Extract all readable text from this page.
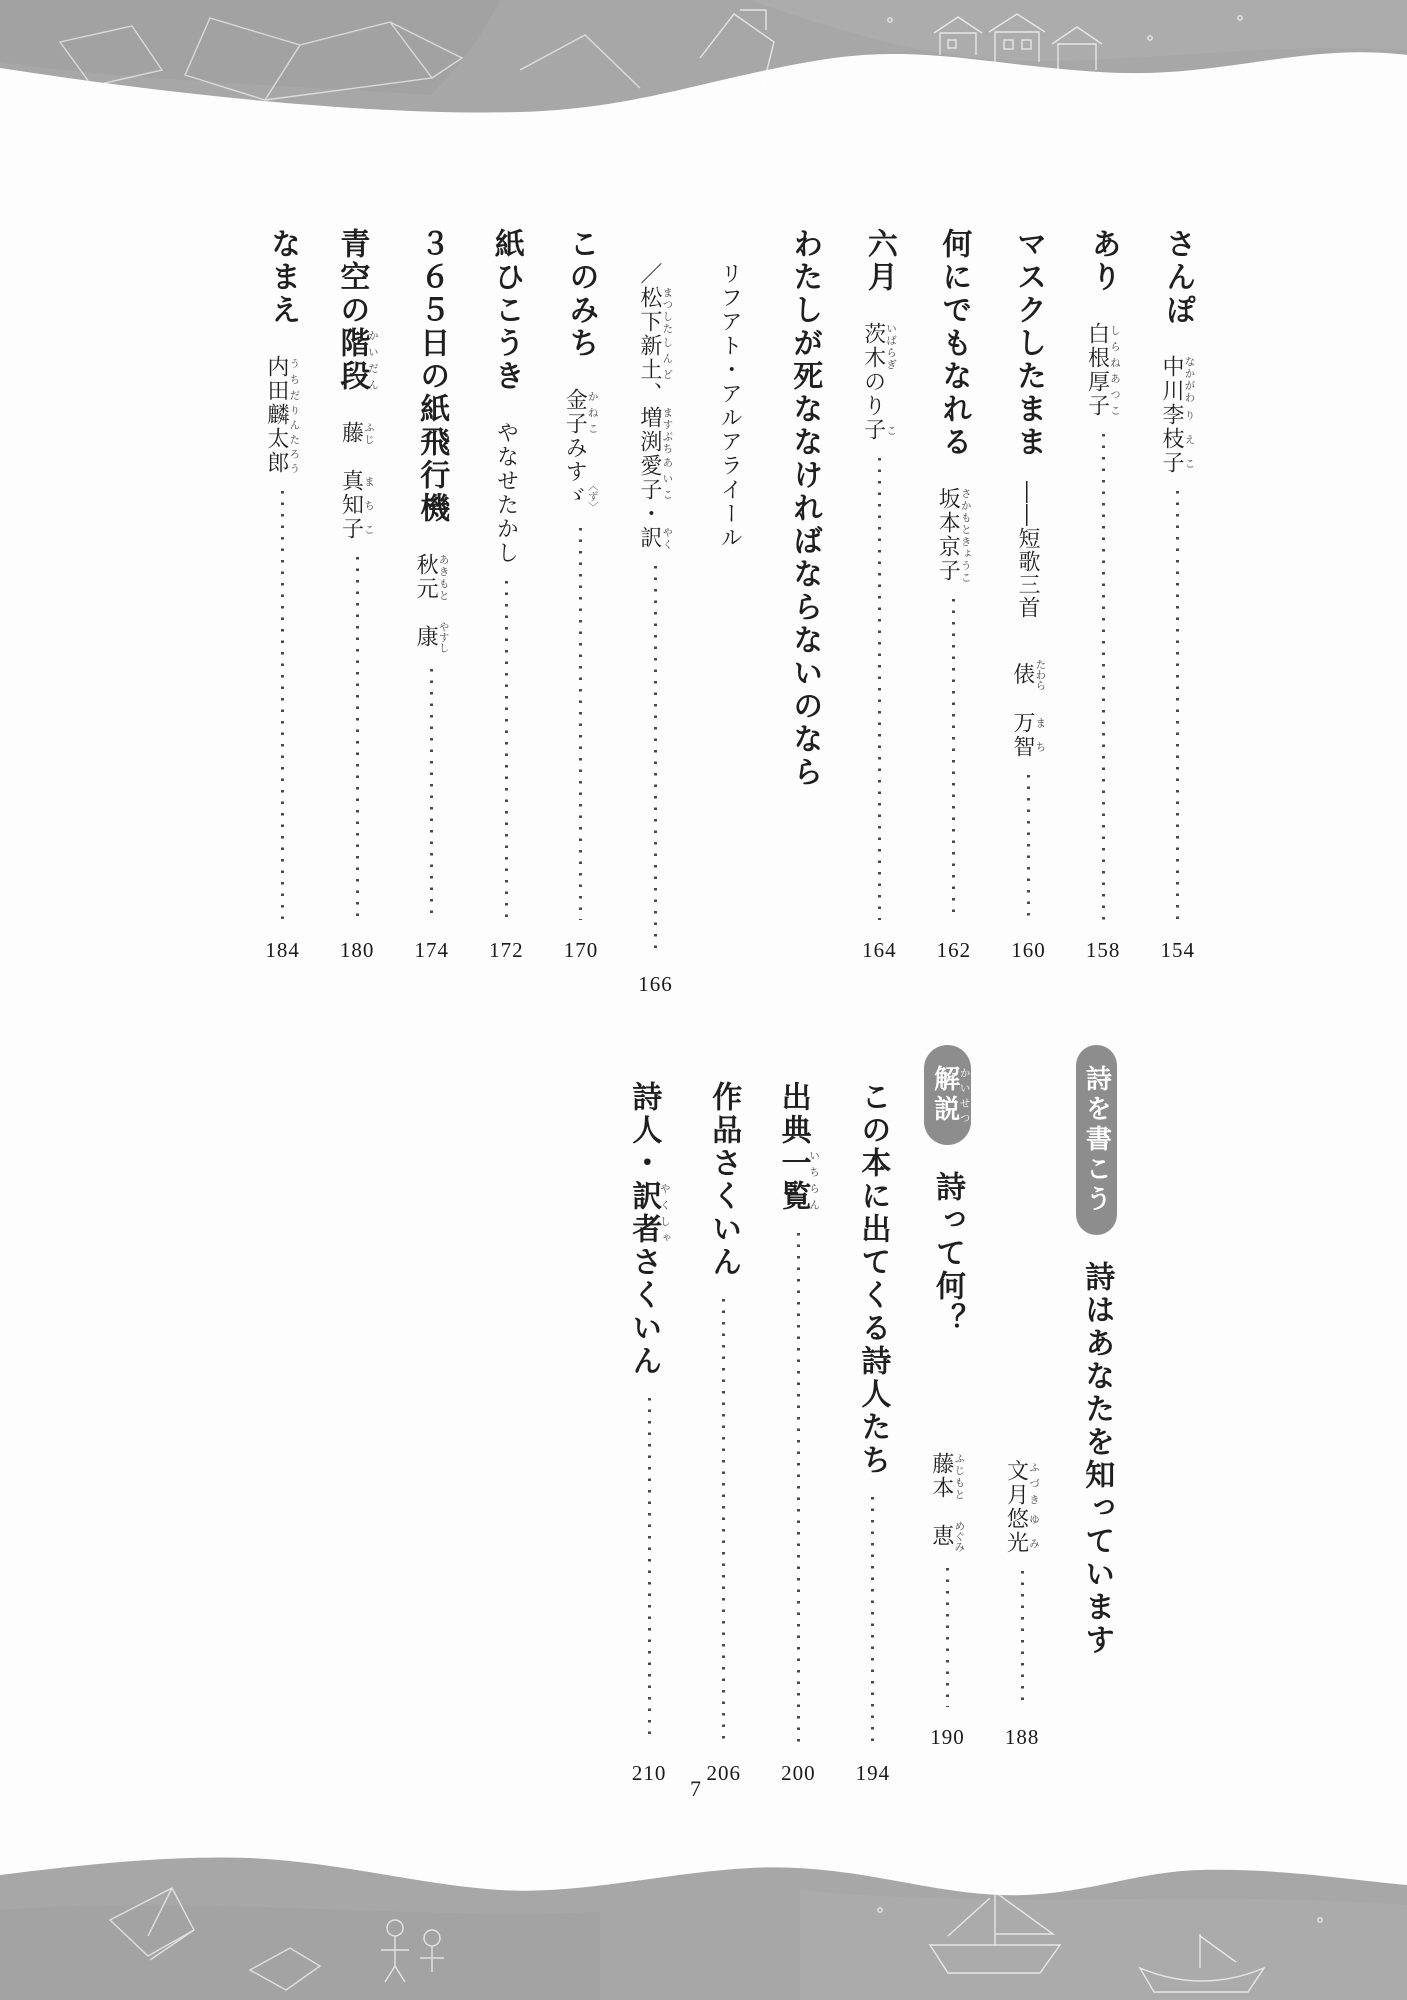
さんぽ
中川なかがわ李枝子りえこ
154
あり
白根しらね厚子あつこ
158
マスクしたまま
――短歌三首
俵たわら　万智まち
160
何にでもなれる
坂本さかもと京子きょうこ
162
六月
茨木いばらぎのり子こ
164
わたしが死ななければならないのなら
リフアト・アルアライール
／松下まつした新土しんど、増渕ますぶち愛子あいこ・訳やく
166
このみち
金子かねこみすゞ〈ず〉
170
紙ひこうき
やなせたかし
172
３６５日の紙飛行機
秋元あきもと　康やすし
174
青空の階段かいだん
藤ふじ　真知子まちこ
180
なまえ
内田うちだ麟太郎りんたろう
184
詩を書こう
詩はあなたを知っています
文月ふづき悠光ゆみ
188
解説かいせつ
詩って何？
藤本ふじもと　恵めぐみ
190
この本に出てくる詩人たち
194
出典一覧いちらん
200
作品さくいん
206
詩人・訳者やくしゃさくいん
210
7
